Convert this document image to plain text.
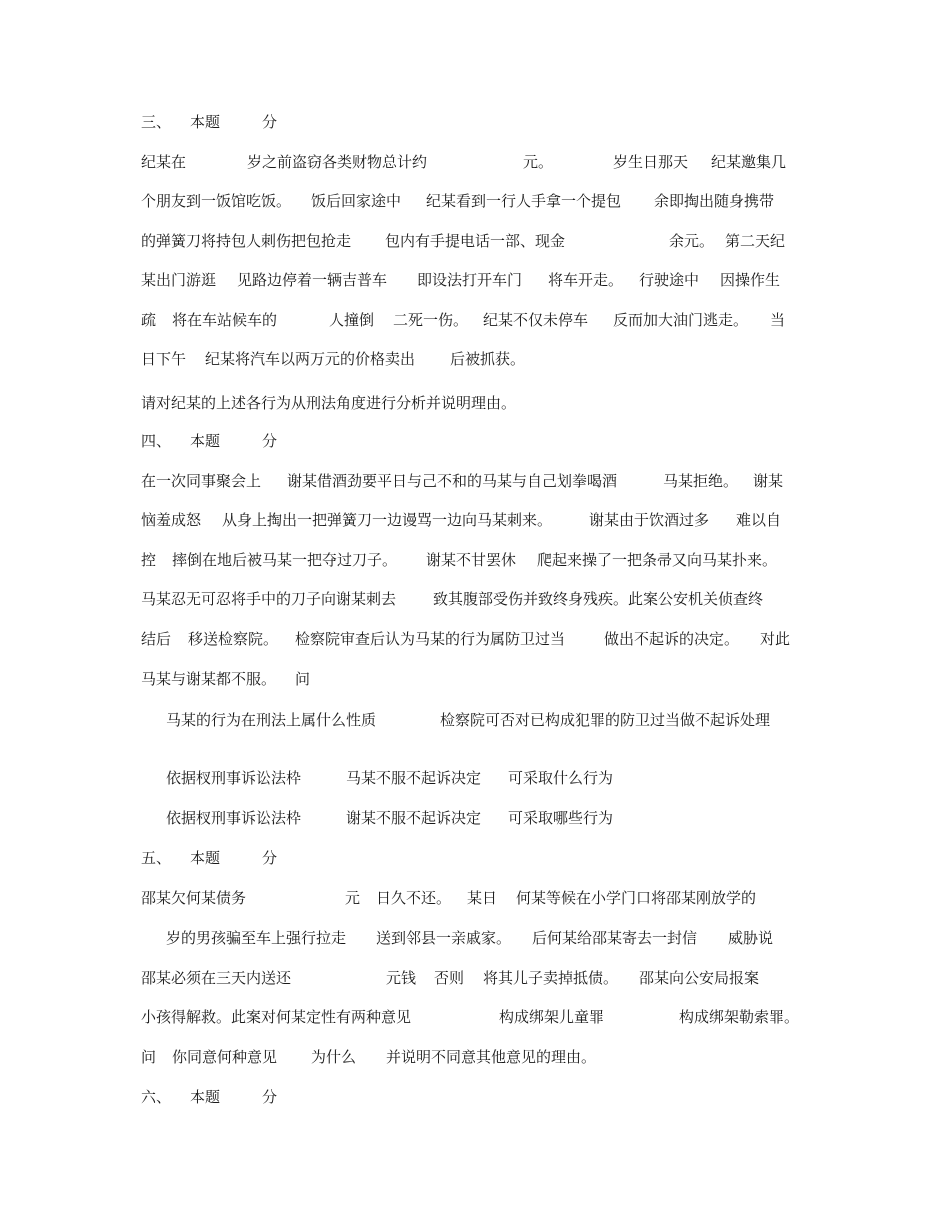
三、

本题

	分

纪某在

	岁之前盗窃各类财物总计约

	元。

	岁生日那天

纪某邀集几

个朋友到一饭馆吃饭。

饭后回家途中

纪某看到一行人手拿一个提包

余即掏出随身携带

的弹簧刀将持包人刺伤把包抢走

包内有手提电话一部、现金

	余元。

第二天纪

某出门游逛

见路边停着一辆吉普车

即设法打开车门

将车开走。

行驶途中

因操作生

疏

将在车站候车的

	人撞倒

二死一伤。

纪某不仅未停车

反而加大油门逃走。

当

日下午

纪某将汽车以两万元的价格卖出

后被抓获。

请对纪某的上述各行为从刑法角度进行分析并说明理由。

四、

本题

	分

在一次同事聚会上

谢某借酒劲要平日与己不和的马某与自己划拳喝酒

	马某拒绝。

谢某

恼羞成怒

从身上掏出一把弹簧刀一边谩骂一边向马某刺来。

谢某由于饮酒过多

难以自

控

摔倒在地后被马某一把夺过刀子。

谢某不甘罢休

爬起来操了一把条帚又向马某扑来。

马某忍无可忍将手中的刀子向谢某刺去

致其腹部受伤并致终身残疾。此案公安机关侦查终

结后

移送检察院。

检察院审查后认为马某的行为属防卫过当

	做出不起诉的决定。

对此

马某与谢某都不服。

问

马某的行为在刑法上属什么性质

	检察院可否对已构成犯罪的防卫过当做不起诉处理

依据杈刑事诉讼法枠

	马某不服不起诉决定

可采取什么行为

依据杈刑事诉讼法枠

	谢某不服不起诉决定

可采取哪些行为

五、

本题

	分

邵某欠何某债务

	元

日久不还。

某日

何某等候在小学门口将邵某刚放学的

岁的男孩骗至车上强行拉走

送到邻县一亲戚家。

后何某给邵某寄去一封信

威胁说

邵某必须在三天内送还

	元钱

否则

将其儿子卖掉抵债。

邵某向公安局报案

小孩得解救。此案对何某定性有两种意见

	构成绑架儿童罪

	构成绑架勒索罪。

问

你同意何种意见

为什么

并说明不同意其他意见的理由。

六、

本题

	分
